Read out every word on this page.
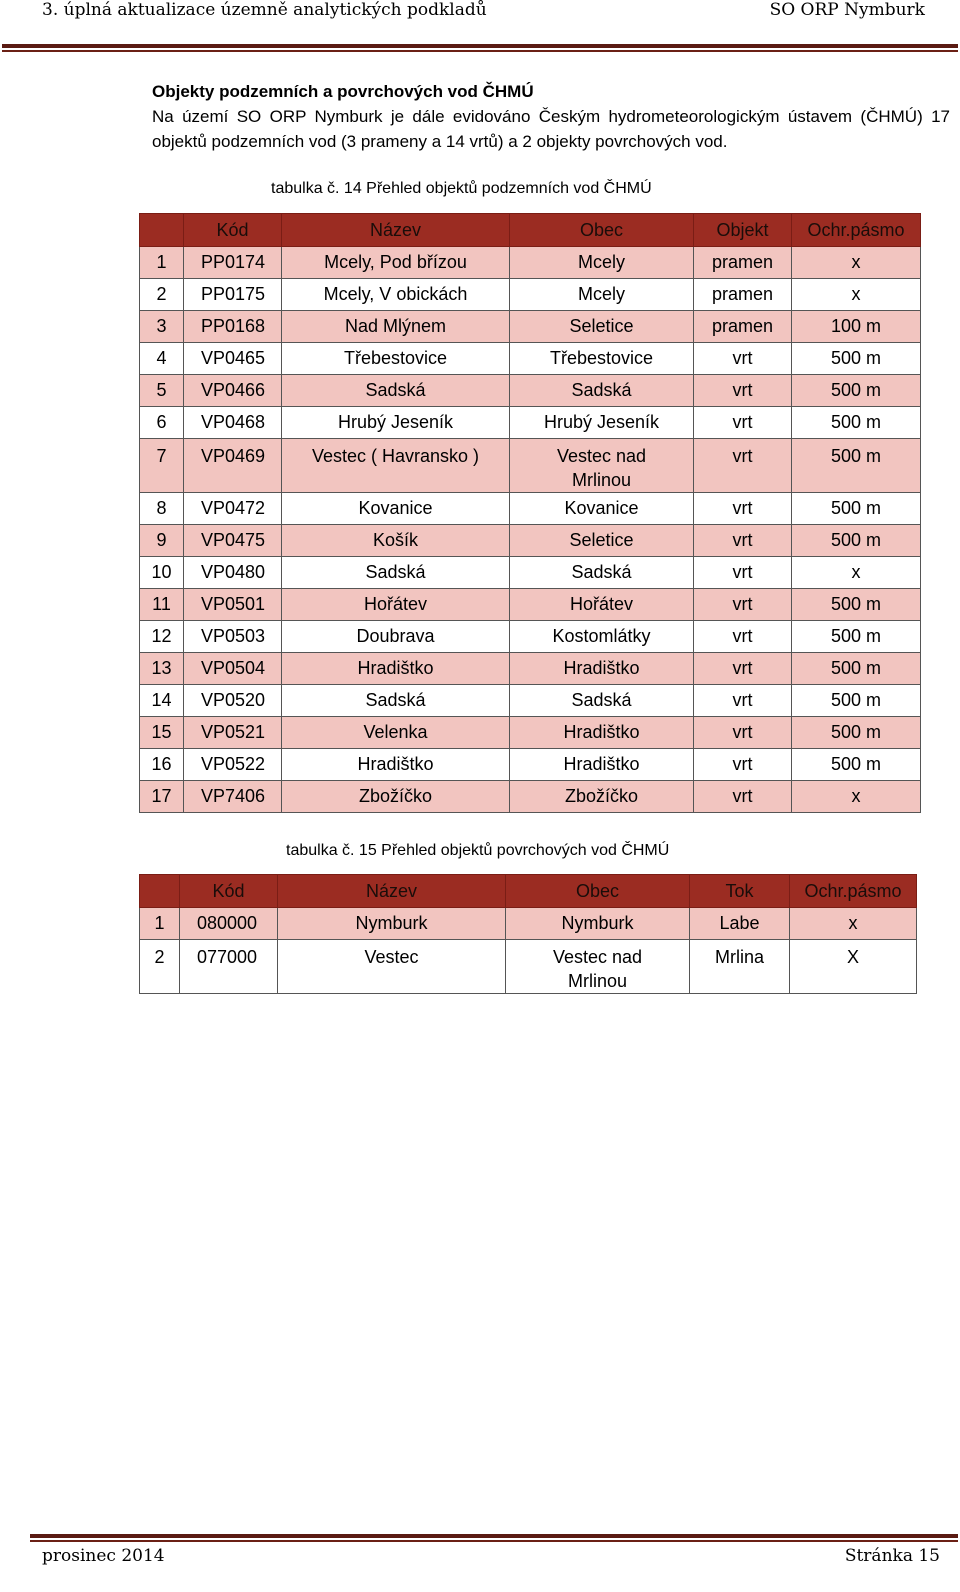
3. úplná aktualizace územně analytických podkladů	SO ORP Nymburk

Objekty podzemních a povrchových vod ČHMÚ

Na území SO ORP Nymburk je dále evidováno Českým hydrometeorologickým ústavem (ČHMÚ) 17 objektů podzemních vod (3 prameny a 14 vrtů) a 2 objekty povrchových vod.

tabulka č. 14 Přehled objektů podzemních vod ČHMÚ
	Kód	Název	Obec	Objekt	Ochr.pásmo
1	PP0174	Mcely, Pod břízou	Mcely	pramen	x
2	PP0175	Mcely, V obickách	Mcely	pramen	x
3	PP0168	Nad Mlýnem	Seletice	pramen	100 m
4	VP0465	Třebestovice	Třebestovice	vrt	500 m
5	VP0466	Sadská	Sadská	vrt	500 m
6	VP0468	Hrubý Jeseník	Hrubý Jeseník	vrt	500 m
7	VP0469	Vestec ( Havransko )	Vestec nad Mrlinou	vrt	500 m
8	VP0472	Kovanice	Kovanice	vrt	500 m
9	VP0475	Košík	Seletice	vrt	500 m
10	VP0480	Sadská	Sadská	vrt	x
11	VP0501	Hořátev	Hořátev	vrt	500 m
12	VP0503	Doubrava	Kostomlátky	vrt	500 m
13	VP0504	Hradištko	Hradištko	vrt	500 m
14	VP0520	Sadská	Sadská	vrt	500 m
15	VP0521	Velenka	Hradištko	vrt	500 m
16	VP0522	Hradištko	Hradištko	vrt	500 m
17	VP7406	Zbožíčko	Zbožíčko	vrt	x
tabulka č. 15 Přehled objektů povrchových vod ČHMÚ
	Kód	Název	Obec	Tok	Ochr.pásmo
1	080000	Nymburk	Nymburk	Labe	x
2	077000	Vestec	Vestec nad Mrlinou	Mrlina	X
prosinec 2014	Stránka 15
